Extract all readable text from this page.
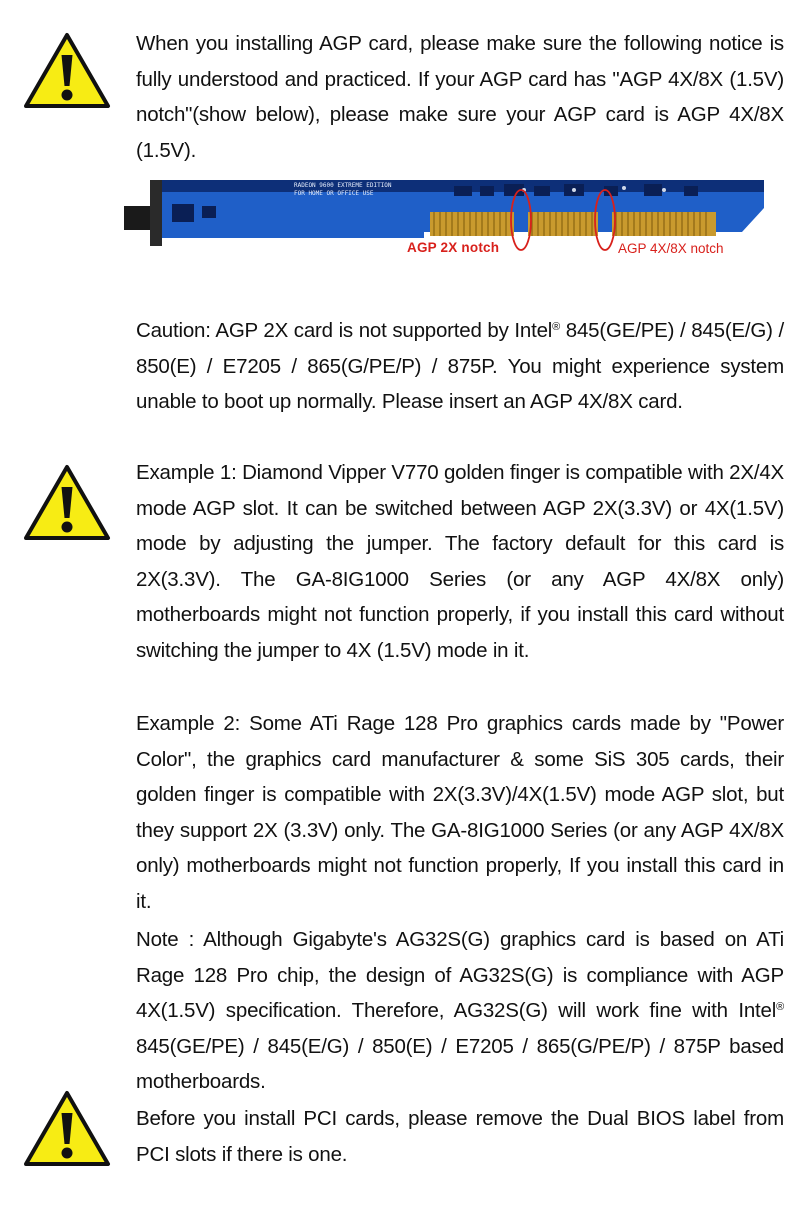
When you installing AGP card, please make sure the following notice is fully understood and practiced. If your AGP card has "AGP 4X/8X (1.5V) notch"(show below), please make sure your AGP card is AGP 4X/8X (1.5V).

RADEON 9600 EXTREME EDITION
FOR HOME OR OFFICE USE
AGP 2X notch	AGP 4X/8X notch

Caution: AGP 2X card is not supported by Intel® 845(GE/PE) / 845(E/G) / 850(E) / E7205 / 865(G/PE/P) / 875P. You might experience system unable to boot up normally. Please insert an AGP 4X/8X card.

Example 1: Diamond Vipper V770 golden finger is compatible with 2X/4X mode AGP slot. It can be switched between AGP 2X(3.3V) or 4X(1.5V) mode by adjusting the jumper. The factory default for this card is 2X(3.3V). The GA-8IG1000 Series (or any AGP 4X/8X only) motherboards might not function properly, if you install this card without switching the jumper to 4X (1.5V) mode in it.

Example 2: Some ATi Rage 128 Pro graphics cards made by "Power Color", the graphics card manufacturer & some SiS 305 cards, their golden finger is compatible with 2X(3.3V)/4X(1.5V) mode AGP slot, but they support 2X (3.3V) only. The GA-8IG1000 Series (or any AGP 4X/8X only) motherboards might not function properly, If you install this card in it.

Note : Although Gigabyte's AG32S(G) graphics card is based on ATi Rage 128 Pro chip, the design of AG32S(G) is compliance with AGP 4X(1.5V) specification. Therefore, AG32S(G) will work fine with Intel® 845(GE/PE) / 845(E/G) / 850(E) / E7205 / 865(G/PE/P) / 875P based motherboards.

Before you install PCI cards, please remove the Dual BIOS label from PCI slots if there is one.
